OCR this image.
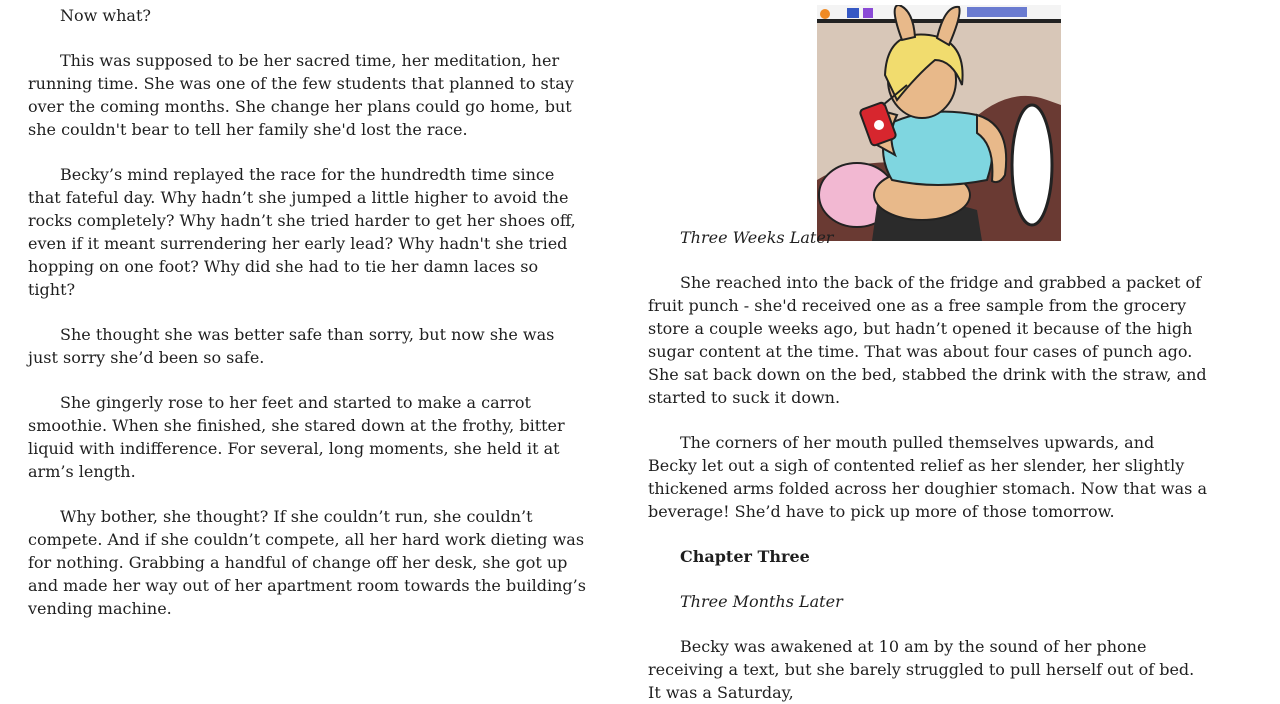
Now what?

This was supposed to be her sacred time, her meditation, her running time. She was one of the few students that planned to stay over the coming months. She change her plans could go home, but she couldn't bear to tell her family she'd lost the race.

Becky’s mind replayed the race for the hundredth time since that fateful day. Why hadn’t she jumped a little higher to avoid the rocks completely? Why hadn’t she tried harder to get her shoes off, even if it meant surrendering her early lead? Why hadn't she tried hopping on one foot? Why did she had to tie her damn laces so tight?

She thought she was better safe than sorry, but now she was just sorry she’d been so safe.

She gingerly rose to her feet and started to make a carrot smoothie. When she finished, she stared down at the frothy, bitter liquid with indifference. For several, long moments, she held it at arm’s length.

Why bother, she thought? If she couldn’t run, she couldn’t compete. And if she couldn’t compete, all her hard work dieting was for nothing. Grabbing a handful of change off her desk, she got up and made her way out of her apartment room towards the building’s vending machine.

Three Weeks Later

She reached into the back of the fridge and grabbed a packet of fruit punch - she'd received one as a free sample from the grocery store a couple weeks ago, but hadn’t opened it because of the high sugar content at the time. That was about four cases of punch ago. She sat back down on the bed, stabbed the drink with the straw, and started to suck it down.

The corners of her mouth pulled themselves upwards, and Becky let out a sigh of contented relief as her slender, her slightly thickened arms folded across her doughier stomach. Now that was a beverage! She’d have to pick up more of those tomorrow.

Chapter Three

Three Months Later

Becky was awakened at 10 am by the sound of her phone receiving a text, but she barely struggled to pull herself out of bed. It was a Saturday,
